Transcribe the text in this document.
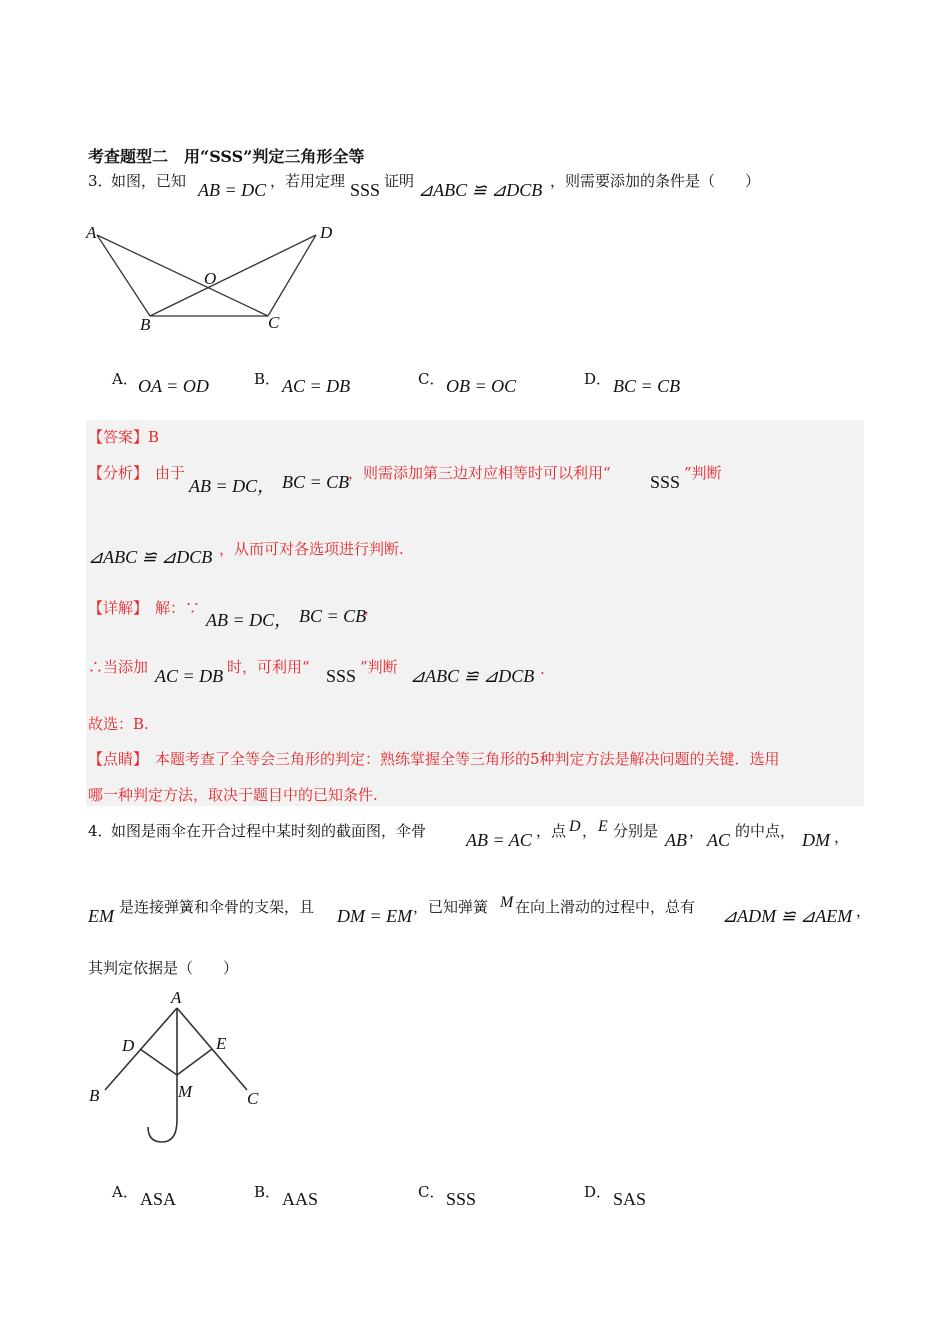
考查题型二　用“SSS”判定三角形全等
3．
如图，已知 AB = DC ，若用定理 SSS 证明 ⊿ABC ≌ ⊿DCB ，则需要添加的条件是（　　）
A	D
O
B	C
A． OA = OD	B． AC = DB	C． OB = OC	D． BC = CB
【答案】B
【分析】 由于
AB = DC， BC = CB
，则需添加第三边对应相等时可以利用“ SSS ”判断
⊿ABC ≌ ⊿DCB ，从而可对各选项进行判断.
【详解】 解：∵
AB = DC， BC = CB
，
∴当添加 AC = DB 时，可利用“ SSS ”判断 ⊿ABC ≌ ⊿DCB .
故选：B.
【点睛】 本题考查了全等会三角形的判定：熟练掌握全等三角形的5种判定方法是解决问题的关键．选用
哪一种判定方法，取决于题目中的已知条件.
4．
如图是雨伞在开合过程中某时刻的截面图，伞骨 AB = AC ，点 D ， E 分别是 AB ， AC 的中点， DM ，
EM 是连接弹簧和伞骨的支架，且 DM = EM ，已知弹簧 M 在向上滑动的过程中，总有 ⊿ADM ≌ ⊿AEM ，
其判定依据是（　　）
A
D	E
M
B	C
A． ASA	B． AAS	C． SSS	D． SAS
